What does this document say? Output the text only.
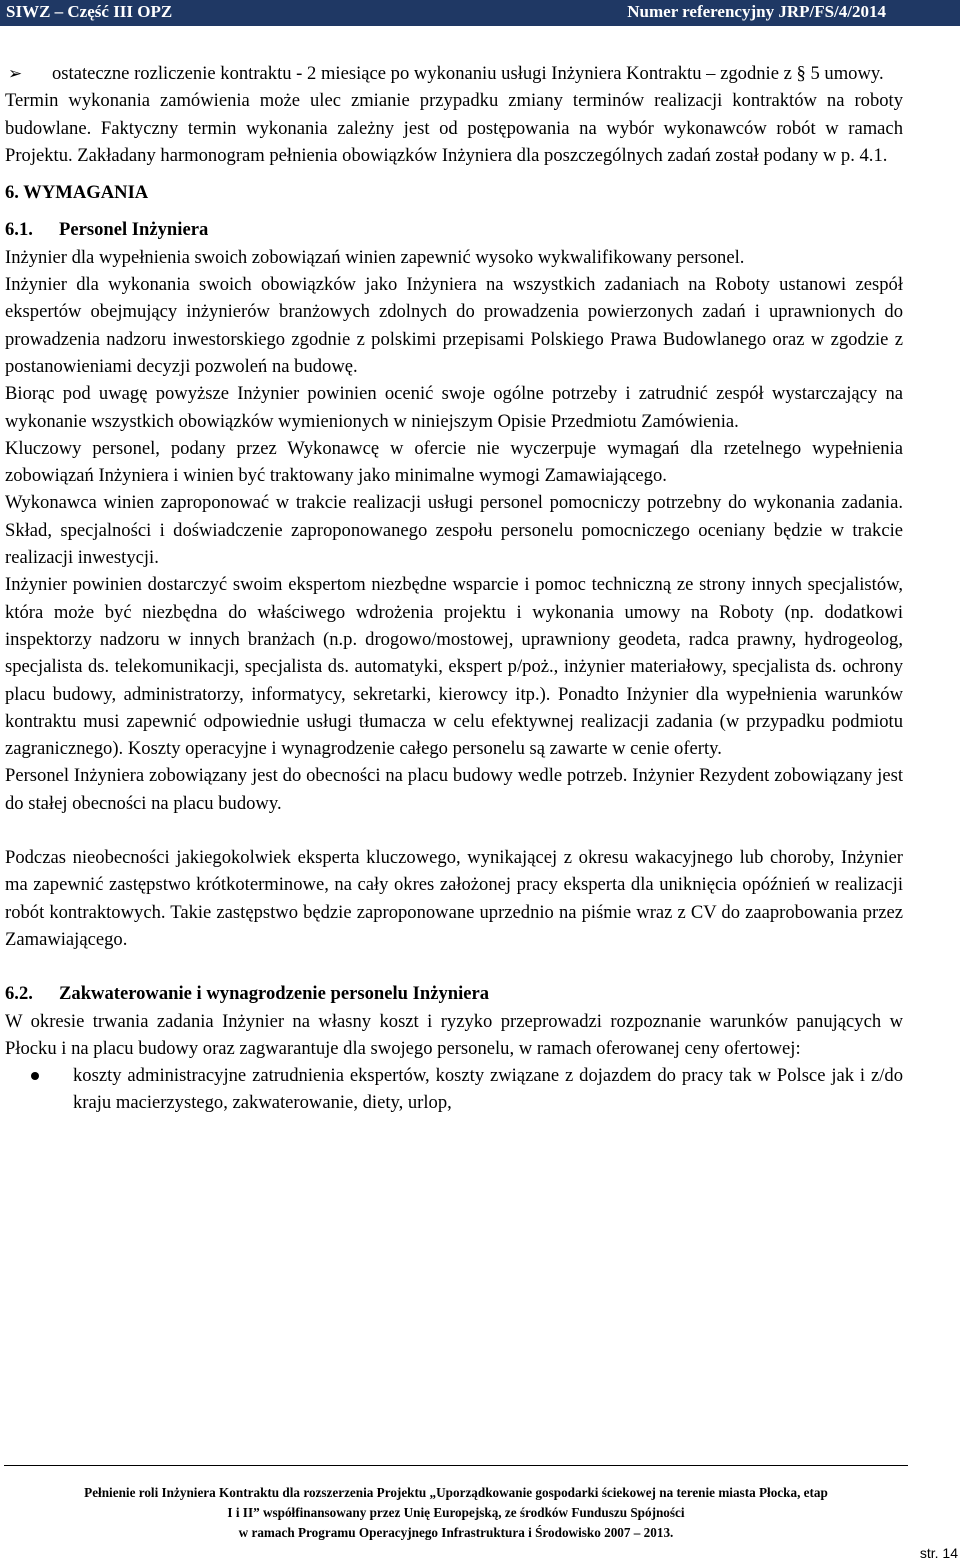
SIWZ – Część III OPZ	Numer referencyjny JRP/FS/4/2014

➢ ostateczne rozliczenie kontraktu - 2 miesiące po wykonaniu usługi Inżyniera Kontraktu – zgodnie z § 5 umowy.

Termin wykonania zamówienia może ulec zmianie przypadku zmiany terminów realizacji kontraktów na roboty budowlane. Faktyczny termin wykonania zależny jest od postępowania na wybór wykonawców robót w ramach Projektu. Zakładany harmonogram pełnienia obowiązków Inżyniera dla poszczególnych zadań został podany w p. 4.1.

6. WYMAGANIA

6.1. Personel Inżyniera

Inżynier dla wypełnienia swoich zobowiązań winien zapewnić wysoko wykwalifikowany personel.

Inżynier dla wykonania swoich obowiązków jako Inżyniera na wszystkich zadaniach na Roboty ustanowi zespół ekspertów obejmujący inżynierów branżowych zdolnych do prowadzenia powierzonych zadań i uprawnionych do prowadzenia nadzoru inwestorskiego zgodnie z polskimi przepisami Polskiego Prawa Budowlanego oraz w zgodzie z postanowieniami decyzji pozwoleń na budowę.

Biorąc pod uwagę powyższe Inżynier powinien ocenić swoje ogólne potrzeby i zatrudnić zespół wystarczający na wykonanie wszystkich obowiązków wymienionych w niniejszym Opisie Przedmiotu Zamówienia.

Kluczowy personel, podany przez Wykonawcę w ofercie nie wyczerpuje wymagań dla rzetelnego wypełnienia zobowiązań Inżyniera i winien być traktowany jako minimalne wymogi Zamawiającego.

Wykonawca winien zaproponować w trakcie realizacji usługi personel pomocniczy potrzebny do wykonania zadania. Skład, specjalności i doświadczenie zaproponowanego zespołu personelu pomocniczego oceniany będzie w trakcie realizacji inwestycji.

Inżynier powinien dostarczyć swoim ekspertom niezbędne wsparcie i pomoc techniczną ze strony innych specjalistów, która może być niezbędna do właściwego wdrożenia projektu i wykonania umowy na Roboty (np. dodatkowi inspektorzy nadzoru w innych branżach (n.p. drogowo/mostowej, uprawniony geodeta, radca prawny, hydrogeolog, specjalista ds. telekomunikacji, specjalista ds. automatyki, ekspert p/poż., inżynier materiałowy, specjalista ds. ochrony placu budowy, administratorzy, informatycy, sekretarki, kierowcy itp.). Ponadto Inżynier dla wypełnienia warunków kontraktu musi zapewnić odpowiednie usługi tłumacza w celu efektywnej realizacji zadania (w przypadku podmiotu zagranicznego). Koszty operacyjne i wynagrodzenie całego personelu są zawarte w cenie oferty.

Personel Inżyniera zobowiązany jest do obecności na placu budowy wedle potrzeb. Inżynier Rezydent zobowiązany jest do stałej obecności na placu budowy.

Podczas nieobecności jakiegokolwiek eksperta kluczowego, wynikającej z okresu wakacyjnego lub choroby, Inżynier ma zapewnić zastępstwo krótkoterminowe, na cały okres założonej pracy eksperta dla uniknięcia opóźnień w realizacji robót kontraktowych. Takie zastępstwo będzie zaproponowane uprzednio na piśmie wraz z CV do zaaprobowania przez Zamawiającego.

6.2. Zakwaterowanie i wynagrodzenie personelu Inżyniera

W okresie trwania zadania Inżynier na własny koszt i ryzyko przeprowadzi rozpoznanie warunków panujących w Płocku i na placu budowy oraz zagwarantuje dla swojego personelu, w ramach oferowanej ceny ofertowej:

koszty administracyjne zatrudnienia ekspertów, koszty związane z dojazdem do pracy tak w Polsce jak i z/do kraju macierzystego, zakwaterowanie, diety, urlop,

Pełnienie roli Inżyniera Kontraktu dla rozszerzenia Projektu „Uporządkowanie gospodarki ściekowej na terenie miasta Płocka, etap

I i II” współfinansowany przez Unię Europejską, ze środków Funduszu Spójności

w ramach Programu Operacyjnego Infrastruktura i Środowisko 2007 – 2013.

str. 14
